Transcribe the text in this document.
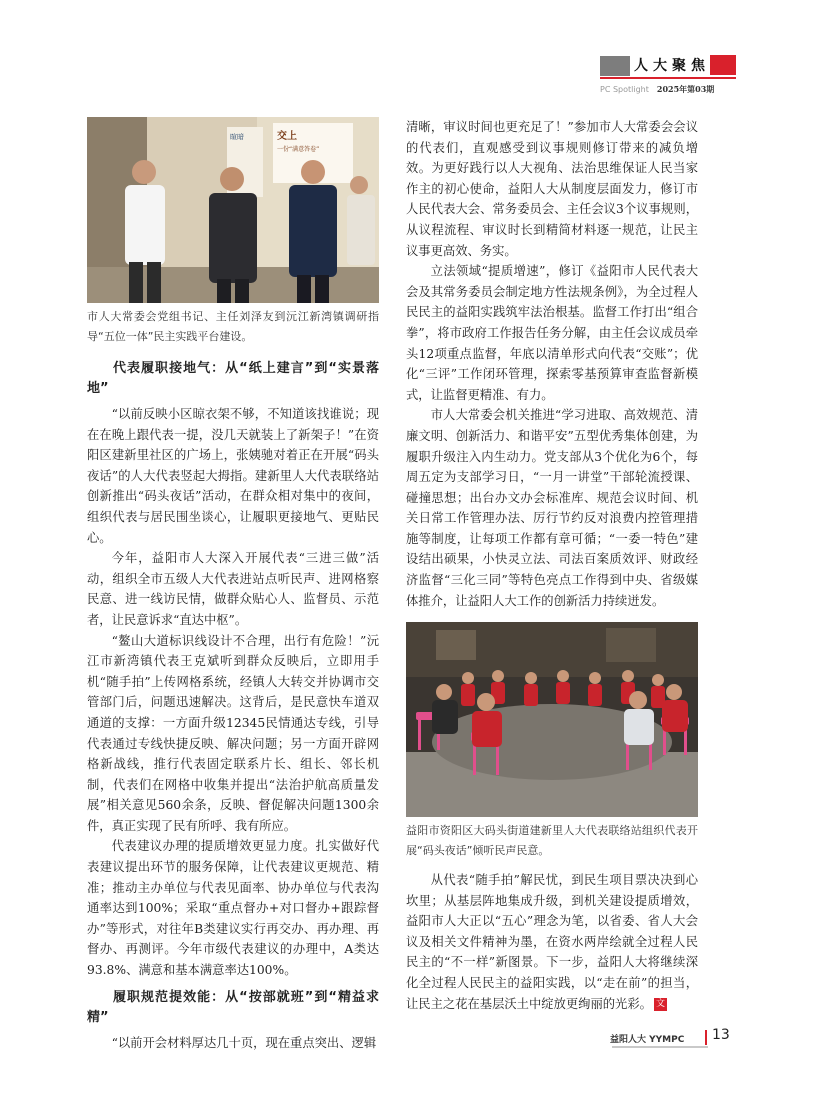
人大聚焦
PC Spotlight 2025年第03期
暄暗	交上
一份“满意答卷”
市人大常委会党组书记、主任刘泽友到沅江新湾镇调研指导“五位一体”民主实践平台建设。
代表履职接地气：从“纸上建言”到“实景落地”

“以前反映小区晾衣架不够，不知道该找谁说；现在在晚上跟代表一提，没几天就装上了新架子！”在资阳区建新里社区的广场上，张姨驰对着正在开展“码头夜话”的人大代表竖起大拇指。建新里人大代表联络站创新推出“码头夜话”活动，在群众相对集中的夜间，组织代表与居民围坐谈心，让履职更接地气、更贴民心。

今年，益阳市人大深入开展代表“三进三做”活动，组织全市五级人大代表进站点听民声、进网格察民意、进一线访民情，做群众贴心人、监督员、示范者，让民意诉求“直达中枢”。

“鳌山大道标识线设计不合理，出行有危险！”沅江市新湾镇代表王克斌听到群众反映后，立即用手机“随手拍”上传网格系统，经镇人大转交并协调市交管部门后，问题迅速解决。这背后，是民意快车道双通道的支撑：一方面升级12345民情通达专线，引导代表通过专线快捷反映、解决问题；另一方面开辟网格新战线，推行代表固定联系片长、组长、邻长机制，代表们在网格中收集并提出“法治护航高质量发展”相关意见560余条，反映、督促解决问题1300余件，真正实现了民有所呼、我有所应。

代表建议办理的提质增效更显力度。扎实做好代表建议提出环节的服务保障，让代表建议更规范、精准；推动主办单位与代表见面率、协办单位与代表沟通率达到100%；采取“重点督办+对口督办+跟踪督办”等形式，对往年B类建议实行再交办、再办理、再督办、再测评。今年市级代表建议的办理中，A类达93.8%、满意和基本满意率达100%。

履职规范提效能：从“按部就班”到“精益求精”

“以前开会材料厚达几十页，现在重点突出、逻辑

清晰，审议时间也更充足了！”参加市人大常委会会议的代表们，直观感受到议事规则修订带来的减负增效。为更好践行以人大视角、法治思维保证人民当家作主的初心使命，益阳人大从制度层面发力，修订市人民代表大会、常务委员会、主任会议3个议事规则，从议程流程、审议时长到精简材料逐一规范，让民主议事更高效、务实。

立法领域“提质增速”，修订《益阳市人民代表大会及其常务委员会制定地方性法规条例》，为全过程人民民主的益阳实践筑牢法治根基。监督工作打出“组合拳”，将市政府工作报告任务分解，由主任会议成员牵头12项重点监督，年底以清单形式向代表“交账”；优化“三评”工作闭环管理，探索零基预算审查监督新模式，让监督更精准、有力。

市人大常委会机关推进“学习进取、高效规范、清廉文明、创新活力、和谐平安”五型优秀集体创建，为履职升级注入内生动力。党支部从3个优化为6个，每周五定为支部学习日，“一月一讲堂”干部轮流授课、碰撞思想；出台办文办会标准库、规范会议时间、机关日常工作管理办法、厉行节约反对浪费内控管理措施等制度，让每项工作都有章可循；“一委一特色”建设结出硕果，小快灵立法、司法百案质效评、财政经济监督“三化三同”等特色亮点工作得到中央、省级媒体推介，让益阳人大工作的创新活力持续迸发。

益阳市资阳区大码头街道建新里人大代表联络站组织代表开展“码头夜话”倾听民声民意。

从代表“随手拍”解民忧，到民生项目票决决到心坎里；从基层阵地集成升级，到机关建设提质增效，益阳市人大正以“五心”理念为笔，以省委、省人大会议及相关文件精神为墨，在资水两岸绘就全过程人民民主的“不一样”新图景。下一步，益阳人大将继续深化全过程人民民主的益阳实践，以“走在前”的担当，让民主之花在基层沃土中绽放更绚丽的光彩。 文

益阳人大 YYMPC 13
